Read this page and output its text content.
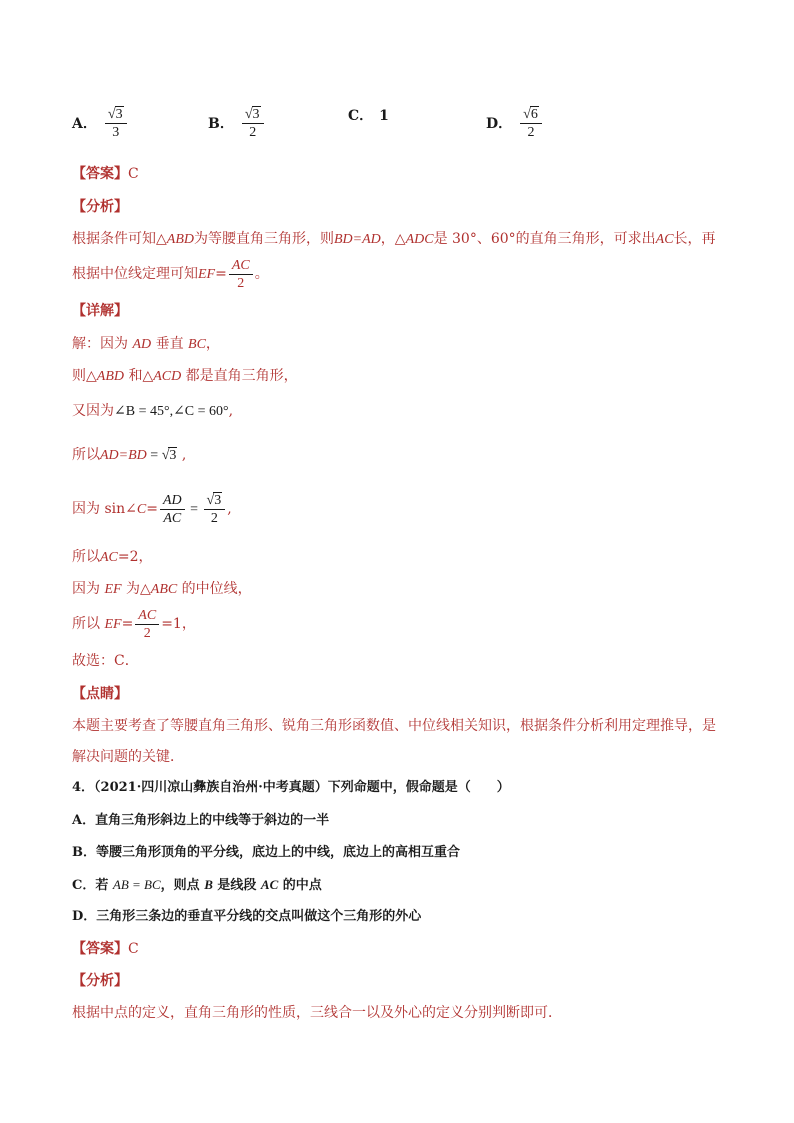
A． $\frac{√3}{3}$	B． $\frac{√3}{2}$	C． 1	D． $\frac{√6}{2}$
【答案】C
【分析】
根据条件可知△ABD为等腰直角三角形，则BD=AD，△ADC是 30°、60°的直角三角形，可求出AC长，再
根据中位线定理可知$EF= \frac{AC}{2}$ 。
【详解】
解：因为 AD 垂直 BC，
则△ABD 和△ACD 都是直角三角形，
又因为∠B = 45°,∠C = 60°,
所以AD=BD = √3 ,
因为 sin∠C= $\frac{AD}{AC} = \frac{√3}{2}$ ,
所以AC=2，
因为 EF 为△ABC 的中位线，
所以 $EF= \frac{AC}{2} =1$，
故选：C．
【点睛】
本题主要考查了等腰直角三角形、锐角三角形函数值、中位线相关知识，根据条件分析利用定理推导，是
解决问题的关键．
4．（2021·四川凉山彝族自治州·中考真题）下列命题中，假命题是（　　）
A．直角三角形斜边上的中线等于斜边的一半
B．等腰三角形顶角的平分线，底边上的中线，底边上的高相互重合
C．若 AB = BC，则点 B 是线段 AC 的中点
D．三角形三条边的垂直平分线的交点叫做这个三角形的外心
【答案】C
【分析】
根据中点的定义，直角三角形的性质，三线合一以及外心的定义分别判断即可．
